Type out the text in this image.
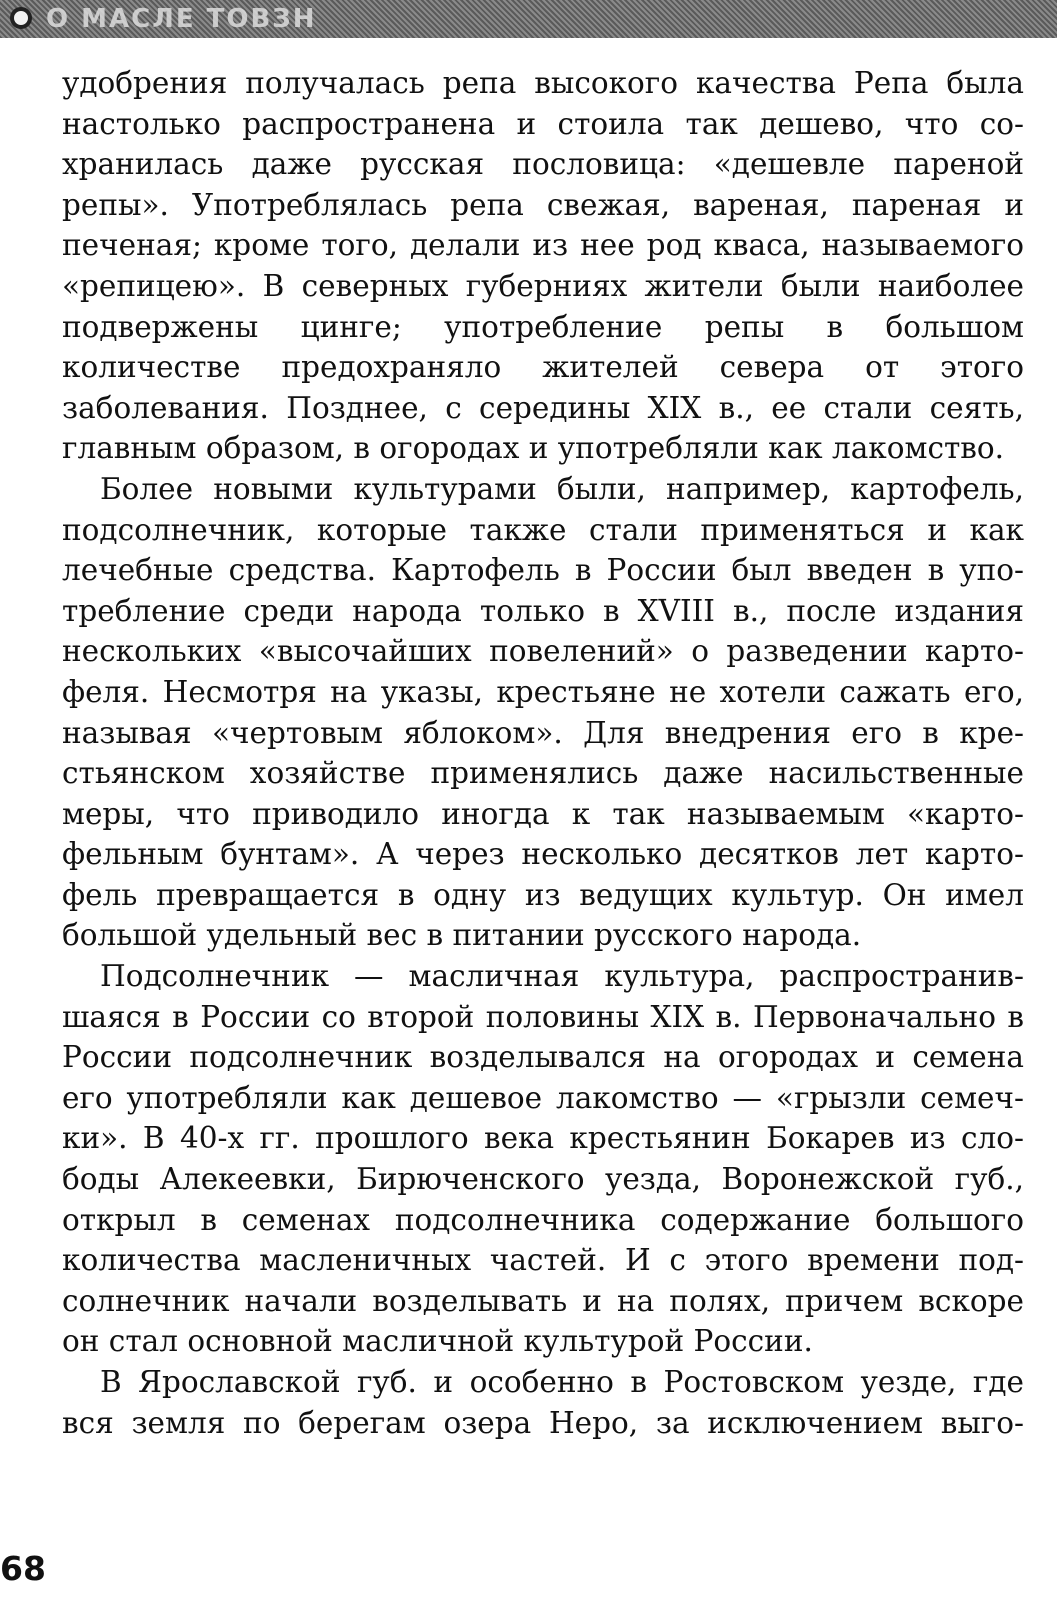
О МАСЛЕ ТОВЗН

удобрения получалась репа высокого качества Репа была настолько распространена и стоила так дешево, что сохранилась даже русская пословица: «дешевле пареной репы». Употреблялась репа свежая, вареная, пареная и печеная; кроме того, делали из нее род кваса, называемого «репицею». В северных губерниях жители были наиболее подвержены цинге; употребление репы в большом количестве предохраняло жителей севера от этого заболевания. Позднее, с середины XIX в., ее стали сеять, главным образом, в огородах и употребляли как лакомство.

Более новыми культурами были, например, картофель, подсолнечник, которые также стали применяться и как лечебные средства. Картофель в России был введен в употребление среди народа только в XVIII в., после издания нескольких «высочайших повелений» о разведении картофеля. Несмотря на указы, крестьяне не хотели сажать его, называя «чертовым яблоком». Для внедрения его в крестьянском хозяйстве применялись даже насильственные меры, что приводило иногда к так называемым «картофельным бунтам». А через несколько десятков лет картофель превращается в одну из ведущих культур. Он имел большой удельный вес в питании русского народа.

Подсолнечник — масличная культура, распространившаяся в России со второй половины XIX в. Первоначально в России подсолнечник возделывался на огородах и семена его употребляли как дешевое лакомство — «грызли семечки». В 40-х гг. прошлого века крестьянин Бокарев из слободы Алекеевки, Бирюченского уезда, Воронежской губ., открыл в семенах подсолнечника содержание большого количества масленичных частей. И с этого времени подсолнечник начали возделывать и на полях, причем вскоре он стал основной масличной культурой России.

В Ярославской губ. и особенно в Ростовском уезде, где вся земля по берегам озера Неро, за исключением выго-

68
